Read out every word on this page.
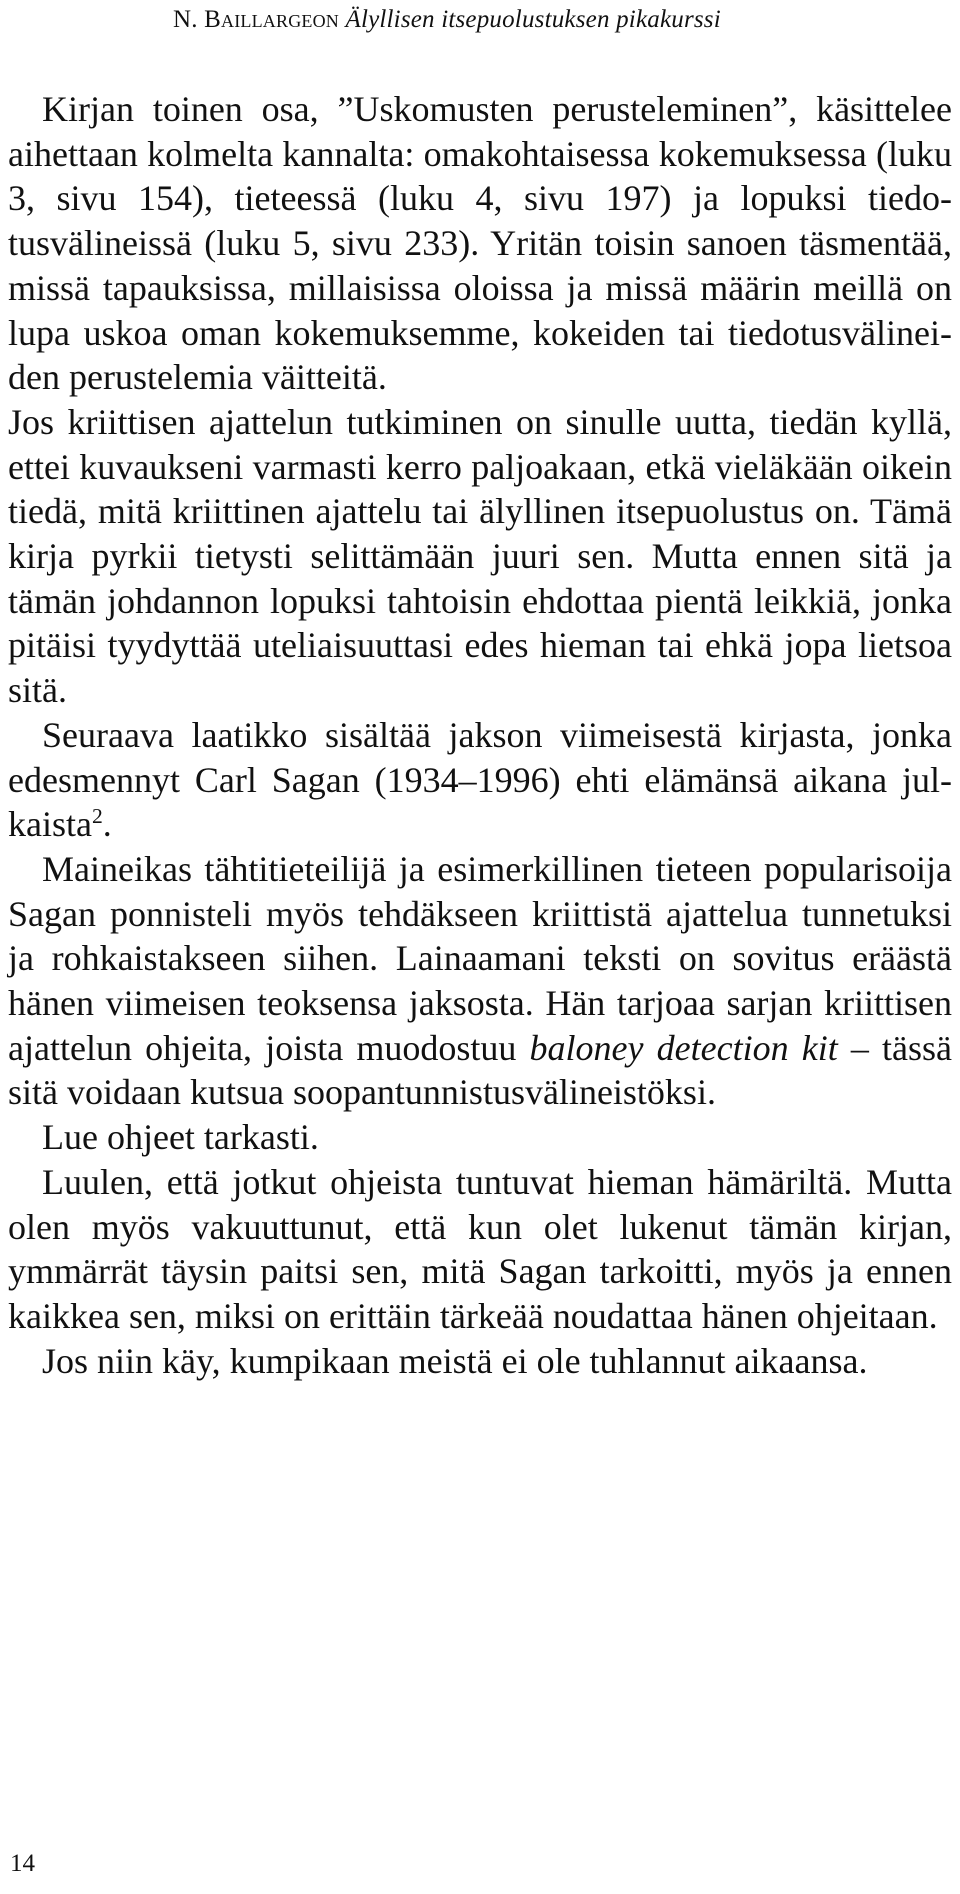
N. Baillargeon Älyllisen itsepuolustuksen pikakurssi

Kirjan toinen osa, ”Uskomusten perusteleminen”, käsittelee aihettaan kolmelta kannalta: omakohtaisessa kokemuksessa (luku 3, sivu 154), tieteessä (luku 4, sivu 197) ja lopuksi tiedotusvälineissä (luku 5, sivu 233). Yritän toisin sanoen täsmentää, missä tapauksissa, millaisissa oloissa ja missä määrin meillä on lupa uskoa oman kokemuksemme, kokeiden tai tiedotusvälineiden perustelemia väitteitä.

Jos kriittisen ajattelun tutkiminen on sinulle uutta, tiedän kyllä, ettei kuvaukseni varmasti kerro paljoakaan, etkä vieläkään oikein tiedä, mitä kriittinen ajattelu tai älyllinen itsepuolustus on. Tämä kirja pyrkii tietysti selittämään juuri sen. Mutta ennen sitä ja tämän johdannon lopuksi tahtoisin ehdottaa pientä leikkiä, jonka pitäisi tyydyttää uteliaisuuttasi edes hieman tai ehkä jopa lietsoa sitä.

Seuraava laatikko sisältää jakson viimeisestä kirjasta, jonka edesmennyt Carl Sagan (1934–1996) ehti elämänsä aikana julkaista$^2$.

Maineikas tähtitieteilijä ja esimerkillinen tieteen popularisoija Sagan ponnisteli myös tehdäkseen kriittistä ajattelua tunnetuksi ja rohkaistakseen siihen. Lainaamani teksti on sovitus eräästä hänen viimeisen teoksensa jaksosta. Hän tarjoaa sarjan kriittisen ajattelun ohjeita, joista muodostuu baloney detection kit – tässä sitä voidaan kutsua soopantunnistusvälineistöksi.

Lue ohjeet tarkasti.

Luulen, että jotkut ohjeista tuntuvat hieman hämäriltä. Mutta olen myös vakuuttunut, että kun olet lukenut tämän kirjan, ymmärrät täysin paitsi sen, mitä Sagan tarkoitti, myös ja ennen kaikkea sen, miksi on erittäin tärkeää noudattaa hänen ohjeitaan.

Jos niin käy, kumpikaan meistä ei ole tuhlannut aikaansa.

14
